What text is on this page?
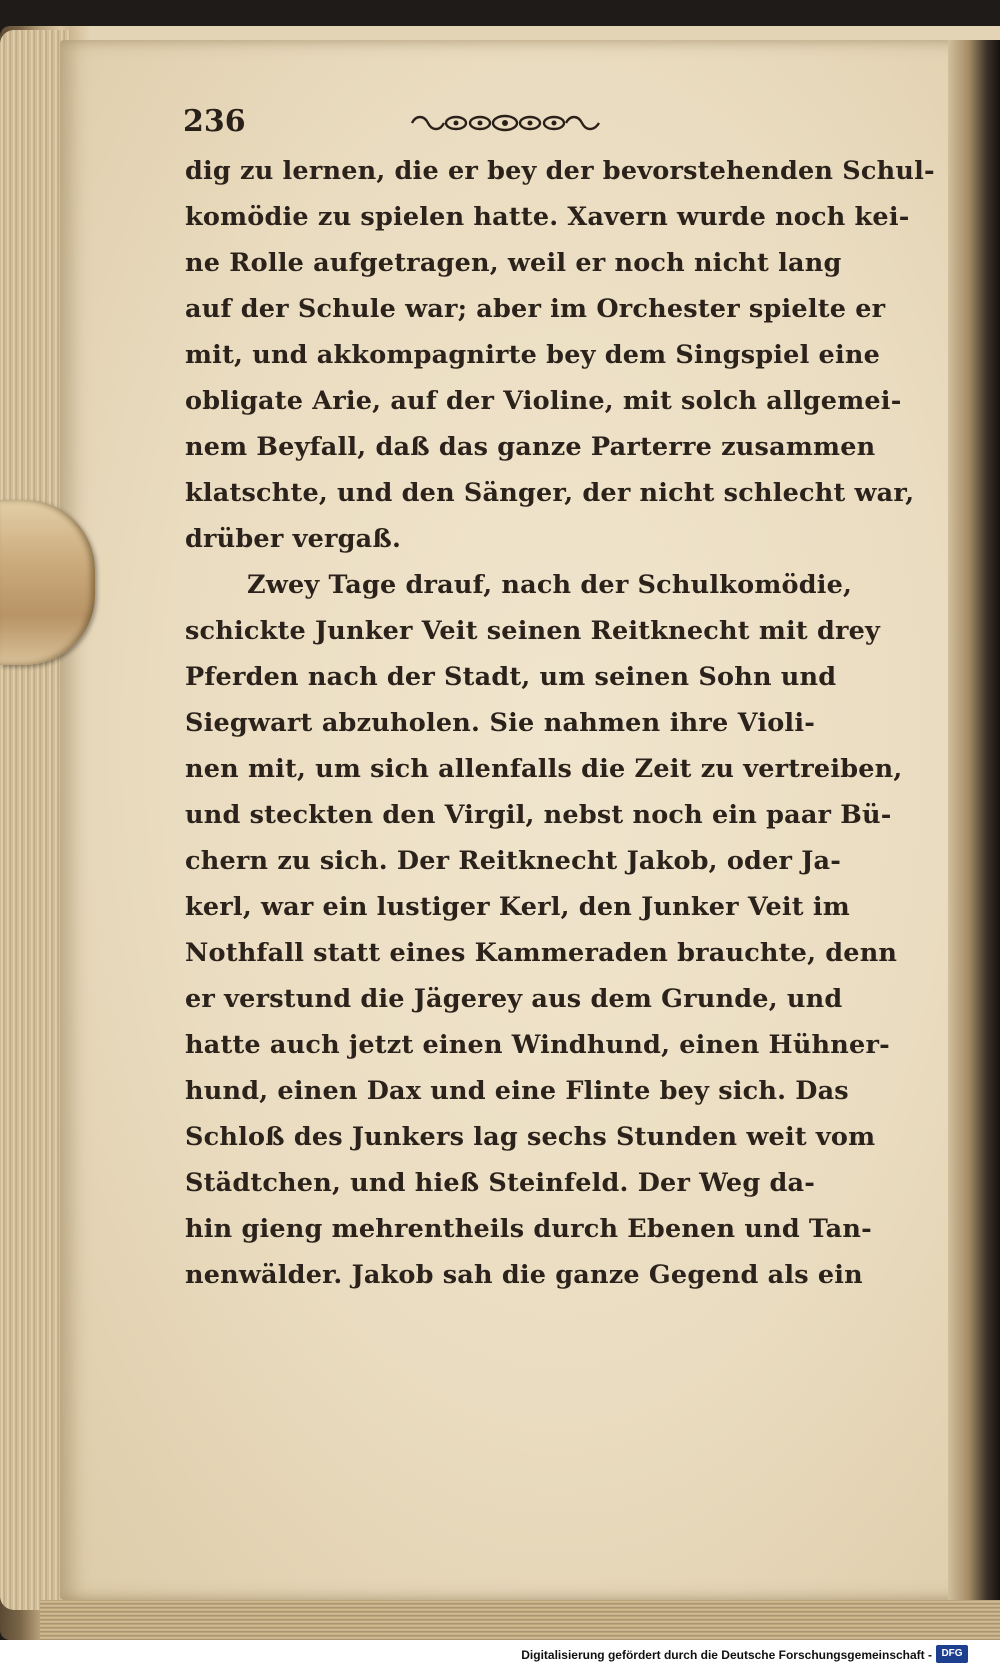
236
dig zu lernen, die er bey der bevorstehenden Schul-
komödie zu spielen hatte. Xavern wurde noch kei-
ne Rolle aufgetragen, weil er noch nicht lang
auf der Schule war; aber im Orchester spielte er
mit, und akkompagnirte bey dem Singspiel eine
obligate Arie, auf der Violine, mit solch allgemei-
nem Beyfall, daß das ganze Parterre zusammen
klatschte, und den Sänger, der nicht schlecht war,
drüber vergaß.
Zwey Tage drauf, nach der Schulkomödie,
schickte Junker Veit seinen Reitknecht mit drey
Pferden nach der Stadt, um seinen Sohn und
Siegwart abzuholen. Sie nahmen ihre Violi-
nen mit, um sich allenfalls die Zeit zu vertreiben,
und steckten den Virgil, nebst noch ein paar Bü-
chern zu sich. Der Reitknecht Jakob, oder Ja-
kerl, war ein lustiger Kerl, den Junker Veit im
Nothfall statt eines Kammeraden brauchte, denn
er verstund die Jägerey aus dem Grunde, und
hatte auch jetzt einen Windhund, einen Hühner-
hund, einen Dax und eine Flinte bey sich. Das
Schloß des Junkers lag sechs Stunden weit vom
Städtchen, und hieß Steinfeld. Der Weg da-
hin gieng mehrentheils durch Ebenen und Tan-
nenwälder. Jakob sah die ganze Gegend als ein
Digitalisierung gefördert durch die Deutsche Forschungsgemeinschaft - DFG
